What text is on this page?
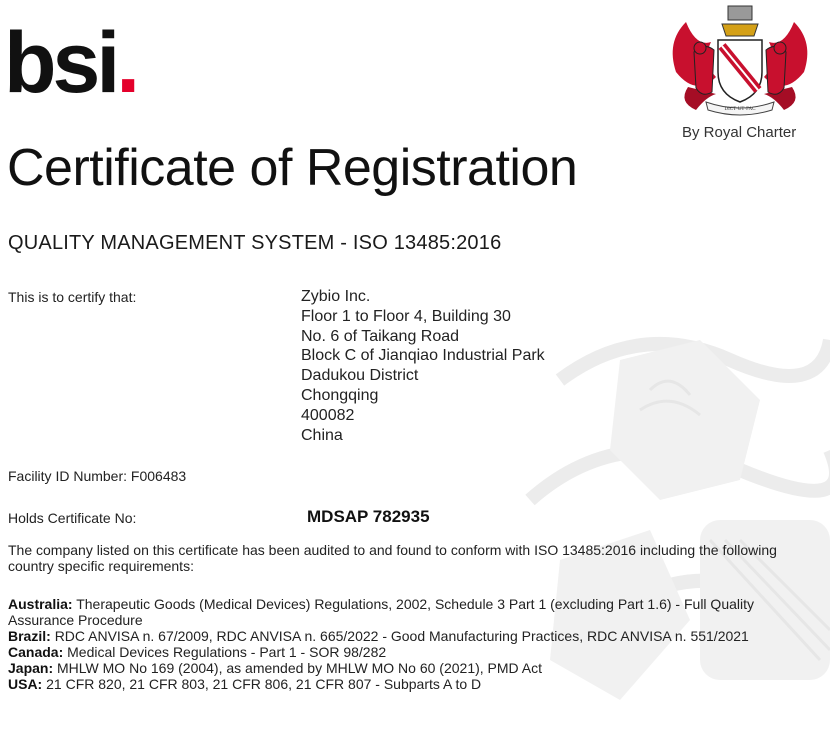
bsi.	DICT·UT·FAC
By Royal Charter
Certificate of Registration
QUALITY MANAGEMENT SYSTEM - ISO 13485:2016
This is to certify that:	Zybio Inc.
Floor 1 to Floor 4, Building 30
No. 6 of Taikang Road
Block C of Jianqiao Industrial Park
Dadukou District
Chongqing
400082
China
Facility ID Number: F006483
Holds Certificate No:	MDSAP 782935
The company listed on this certificate has been audited to and found to conform with ISO 13485:2016 including the following country specific requirements:
Australia: Therapeutic Goods (Medical Devices) Regulations, 2002, Schedule 3 Part 1 (excluding Part 1.6) - Full Quality Assurance Procedure
Brazil: RDC ANVISA n. 67/2009, RDC ANVISA n. 665/2022 - Good Manufacturing Practices, RDC ANVISA n. 551/2021
Canada: Medical Devices Regulations - Part 1 - SOR 98/282
Japan: MHLW MO No 169 (2004), as amended by MHLW MO No 60 (2021), PMD Act
USA: 21 CFR 820, 21 CFR 803, 21 CFR 806, 21 CFR 807 - Subparts A to D
